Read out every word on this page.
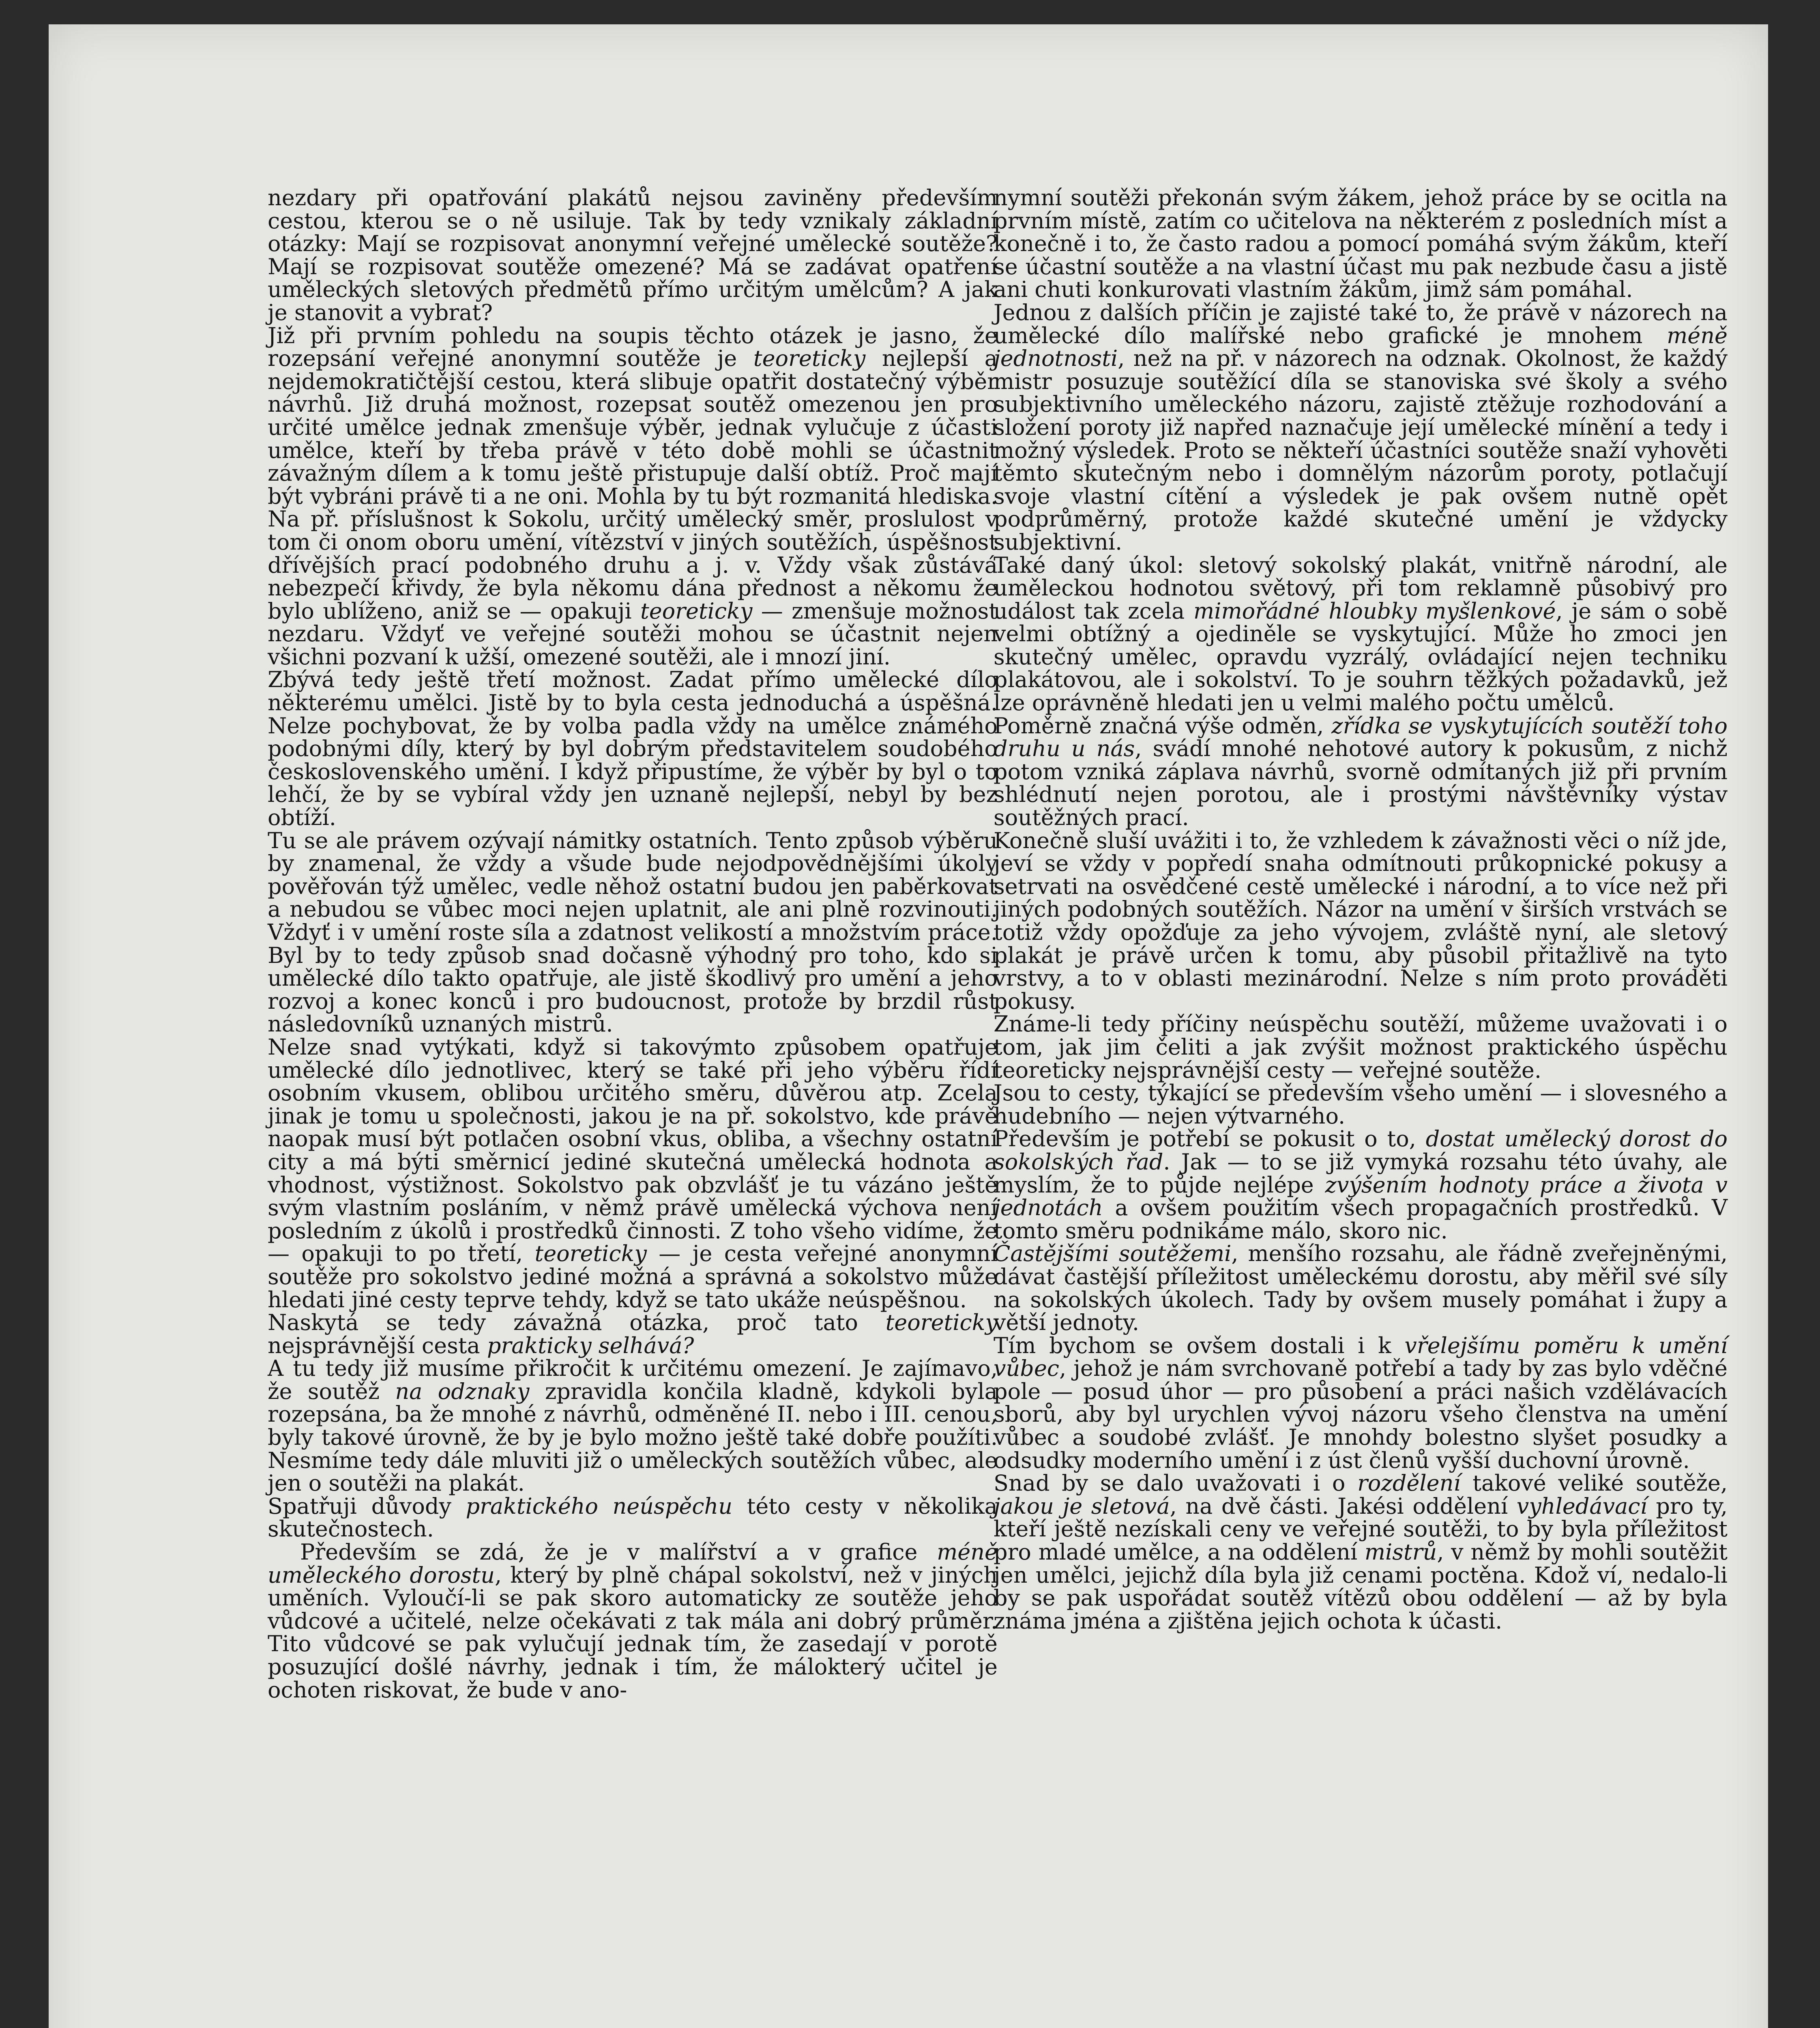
nezdary při opatřování plakátů nejsou zaviněny především cestou, kterou se o ně usiluje. Tak by tedy vznikaly základní otázky: Mají se rozpisovat anonymní veřejné umělecké soutěže? Mají se rozpisovat soutěže omezené? Má se zadávat opatření uměleckých sletových předmětů přímo určitým umělcům? A jak je stanovit a vybrat?

Již při prvním pohledu na soupis těchto otázek je jasno, že rozepsání veřejné anonymní soutěže je teoreticky nejlepší a nejdemokratičtější cestou, která slibuje opatřit dostatečný výběr návrhů. Již druhá možnost, rozepsat soutěž omezenou jen pro určité umělce jednak zmenšuje výběr, jednak vylučuje z účasti umělce, kteří by třeba právě v této době mohli se účastnit závažným dílem a k tomu ještě přistupuje další obtíž. Proč mají být vybráni právě ti a ne oni. Mohla by tu být rozmanitá hlediska. Na př. příslušnost k Sokolu, určitý umělecký směr, proslulost v tom či onom oboru umění, vítězství v jiných soutěžích, úspěšnost dřívějších prací podobného druhu a j. v. Vždy však zůstává nebezpečí křivdy, že byla někomu dána přednost a někomu že bylo ublíženo, aniž se — opakuji teoreticky — zmenšuje možnost nezdaru. Vždyť ve veřejné soutěži mohou se účastnit nejen všichni pozvaní k užší, omezené soutěži, ale i mnozí jiní.

Zbývá tedy ještě třetí možnost. Zadat přímo umělecké dílo některému umělci. Jistě by to byla cesta jednoduchá a úspěšná. Nelze pochybovat, že by volba padla vždy na umělce známého podobnými díly, který by byl dobrým představitelem soudobého československého umění. I když připustíme, že výběr by byl o to lehčí, že by se vybíral vždy jen uznaně nejlepší, nebyl by bez obtíží.

Tu se ale právem ozývají námitky ostatních. Tento způsob výběru by znamenal, že vždy a všude bude nejodpovědnějšími úkoly pověřován týž umělec, vedle něhož ostatní budou jen paběrkovat a nebudou se vůbec moci nejen uplatnit, ale ani plně rozvinouti. Vždyť i v umění roste síla a zdatnost velikostí a množstvím práce. Byl by to tedy způsob snad dočasně výhodný pro toho, kdo si umělecké dílo takto opatřuje, ale jistě škodlivý pro umění a jeho rozvoj a konec konců i pro budoucnost, protože by brzdil růst následovníků uznaných mistrů.

Nelze snad vytýkati, když si takovýmto způsobem opatřuje umělecké dílo jednotlivec, který se také při jeho výběru řídí osobním vkusem, oblibou určitého směru, důvěrou atp. Zcela jinak je tomu u společnosti, jakou je na př. sokolstvo, kde právě naopak musí být potlačen osobní vkus, obliba, a všechny ostatní city a má býti směrnicí jediné skutečná umělecká hodnota a vhodnost, výstižnost. Sokolstvo pak obzvlášť je tu vázáno ještě svým vlastním posláním, v němž právě umělecká výchova není posledním z úkolů i prostředků činnosti. Z toho všeho vidíme, že — opakuji to po třetí, teoreticky — je cesta veřejné anonymní soutěže pro sokolstvo jediné možná a správná a sokolstvo může hledati jiné cesty teprve tehdy, když se tato ukáže neúspěšnou.

Naskytá se tedy závažná otázka, proč tato teoreticky nejsprávnější cesta prakticky selhává?

A tu tedy již musíme přikročit k určitému omezení. Je zajímavo, že soutěž na odznaky zpravidla končila kladně, kdykoli byla rozepsána, ba že mnohé z návrhů, odměněné II. nebo i III. cenou, byly takové úrovně, že by je bylo možno ještě také dobře použíti. Nesmíme tedy dále mluviti již o uměleckých soutěžích vůbec, ale jen o soutěži na plakát.

Spatřuji důvody praktického neúspěchu této cesty v několika skutečnostech.

Především se zdá, že je v malířství a v grafice méně uměleckého dorostu, který by plně chápal sokolství, než v jiných uměních. Vyloučí-li se pak skoro automaticky ze soutěže jeho vůdcové a učitelé, nelze očekávati z tak mála ani dobrý průměr. Tito vůdcové se pak vylučují jednak tím, že zasedají v porotě posuzující došlé návrhy, jednak i tím, že málokterý učitel je ochoten riskovat, že bude v ano-

nymní soutěži překonán svým žákem, jehož práce by se ocitla na prvním místě, zatím co učitelova na některém z posledních míst a konečně i to, že často radou a pomocí pomáhá svým žákům, kteří se účastní soutěže a na vlastní účast mu pak nezbude času a jistě ani chuti konkurovati vlastním žákům, jimž sám pomáhal.

Jednou z dalších příčin je zajisté také to, že právě v názorech na umělecké dílo malířské nebo grafické je mnohem méně jednotnosti, než na př. v názorech na odznak. Okolnost, že každý mistr posuzuje soutěžící díla se stanoviska své školy a svého subjektivního uměleckého názoru, zajistě ztěžuje rozhodování a složení poroty již napřed naznačuje její umělecké mínění a tedy i možný výsledek. Proto se někteří účastníci soutěže snaží vyhověti těmto skutečným nebo i domnělým názorům poroty, potlačují svoje vlastní cítění a výsledek je pak ovšem nutně opět podprůměrný, protože každé skutečné umění je vždycky subjektivní.

Také daný úkol: sletový sokolský plakát, vnitřně národní, ale uměleckou hodnotou světový, při tom reklamně působivý pro událost tak zcela mimořádné hloubky myšlenkové, je sám o sobě velmi obtížný a ojediněle se vyskytující. Může ho zmoci jen skutečný umělec, opravdu vyzrálý, ovládající nejen techniku plakátovou, ale i sokolství. To je souhrn těžkých požadavků, jež lze oprávněně hledati jen u velmi malého počtu umělců.

Poměrně značná výše odměn, zřídka se vyskytujících soutěží toho druhu u nás, svádí mnohé nehotové autory k pokusům, z nichž potom vzniká záplava návrhů, svorně odmítaných již při prvním shlédnutí nejen porotou, ale i prostými návštěvníky výstav soutěžných prací.

Konečně sluší uvážiti i to, že vzhledem k závažnosti věci o níž jde, jeví se vždy v popředí snaha odmítnouti průkopnické pokusy a setrvati na osvědčené cestě umělecké i národní, a to více než při jiných podobných soutěžích. Názor na umění v širších vrstvách se totiž vždy opožďuje za jeho vývojem, zvláště nyní, ale sletový plakát je právě určen k tomu, aby působil přitažlivě na tyto vrstvy, a to v oblasti mezinárodní. Nelze s ním proto prováděti pokusy.

Známe-li tedy příčiny neúspěchu soutěží, můžeme uvažovati i o tom, jak jim čeliti a jak zvýšit možnost praktického úspěchu teoreticky nejsprávnější cesty — veřejné soutěže.

Jsou to cesty, týkající se především všeho umění — i slovesného a hudebního — nejen výtvarného.

Především je potřebí se pokusit o to, dostat umělecký dorost do sokolských řad. Jak — to se již vymyká rozsahu této úvahy, ale myslím, že to půjde nejlépe zvýšením hodnoty práce a života v jednotách a ovšem použitím všech propagačních prostředků. V tomto směru podnikáme málo, skoro nic.

Častějšími soutěžemi, menšího rozsahu, ale řádně zveřejněnými, dávat častější příležitost uměleckému dorostu, aby měřil své síly na sokolských úkolech. Tady by ovšem musely pomáhat i župy a větší jednoty.

Tím bychom se ovšem dostali i k vřelejšímu poměru k umění vůbec, jehož je nám svrchovaně potřebí a tady by zas bylo vděčné pole — posud úhor — pro působení a práci našich vzdělávacích sborů, aby byl urychlen vývoj názoru všeho členstva na umění vůbec a soudobé zvlášť. Je mnohdy bolestno slyšet posudky a odsudky moderního umění i z úst členů vyšší duchovní úrovně.

Snad by se dalo uvažovati i o rozdělení takové veliké soutěže, jakou je sletová, na dvě části. Jakési oddělení vyhledávací pro ty, kteří ještě nezískali ceny ve veřejné soutěži, to by byla příležitost pro mladé umělce, a na oddělení mistrů, v němž by mohli soutěžit jen umělci, jejichž díla byla již cenami poctěna. Kdož ví, nedalo-li by se pak uspořádat soutěž vítězů obou oddělení — až by byla známa jména a zjištěna jejich ochota k účasti.
